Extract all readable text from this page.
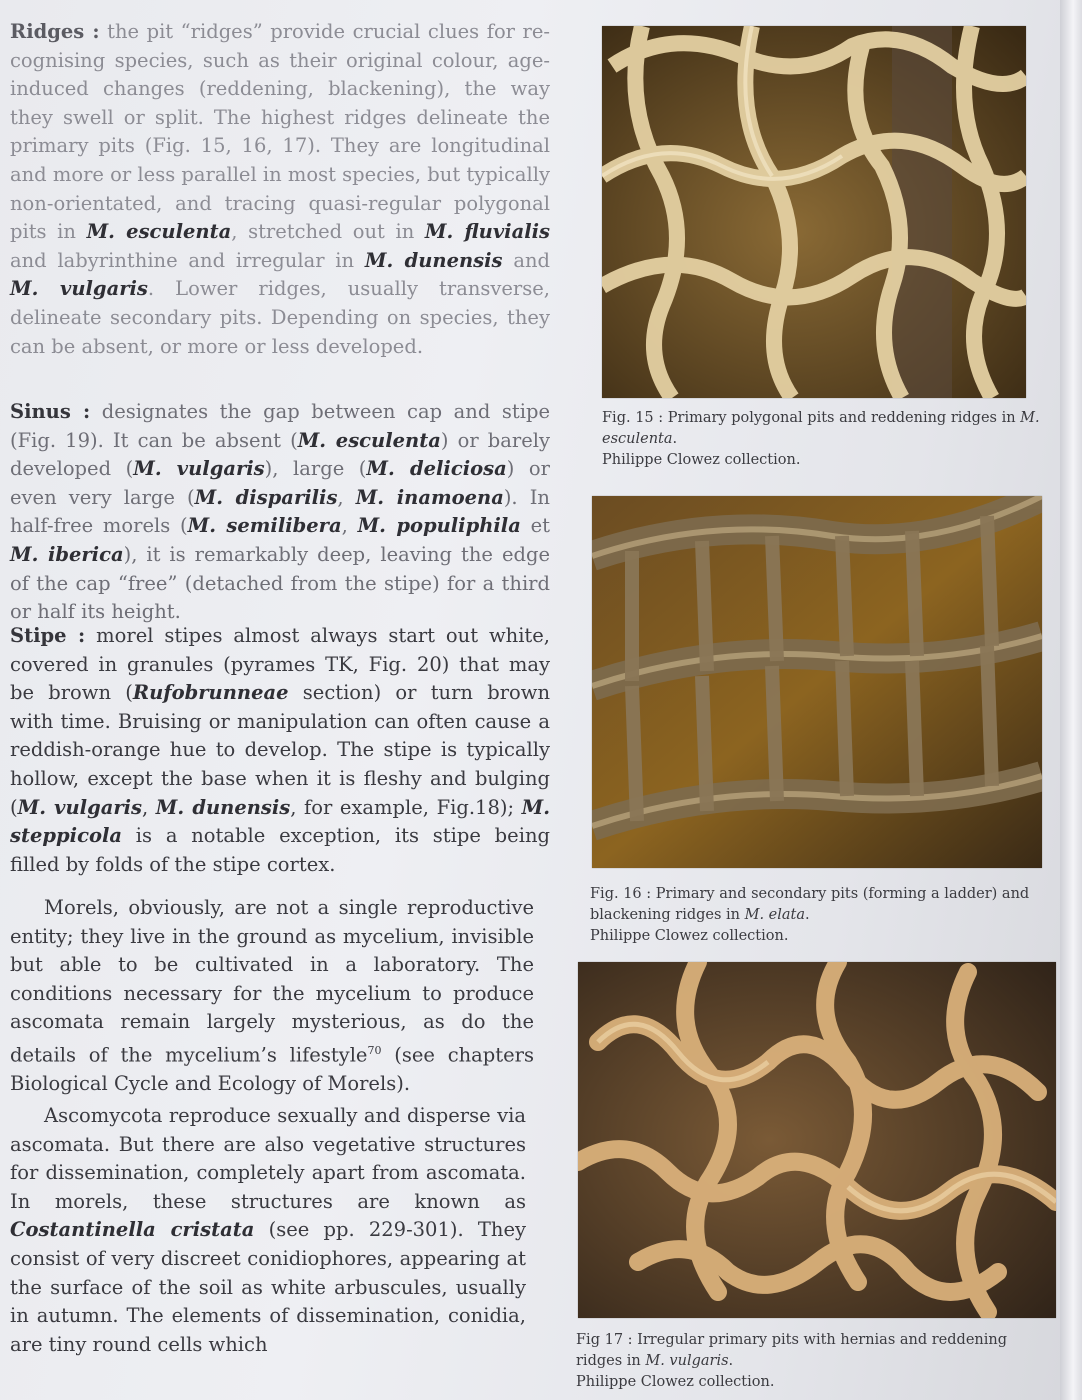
Ridges : the pit “ridges” provide crucial clues for re-cognising species, such as their original colour, age-induced changes (reddening, blackening), the way they swell or split. The highest ridges delineate the primary pits (Fig. 15, 16, 17). They are longitudinal and more or less parallel in most species, but typically non-orientated, and tracing quasi-regular polygonal pits in M. esculenta, stretched out in M. fluvialis and labyrinthine and irregular in M. dunensis and M. vulgaris. Lower ridges, usually transverse, delineate secondary pits. Depending on species, they can be absent, or more or less developed.

Sinus : designates the gap between cap and stipe (Fig. 19). It can be absent (M. esculenta) or barely developed (M. vulgaris), large (M. deliciosa) or even very large (M. disparilis, M. inamoena). In half-free morels (M. semilibera, M. populiphila et M. iberica), it is remarkably deep, leaving the edge of the cap “free” (detached from the stipe) for a third or half its height.

Stipe : morel stipes almost always start out white, covered in granules (pyrames TK, Fig. 20) that may be brown (Rufobrunneae section) or turn brown with time. Bruising or manipulation can often cause a reddish-orange hue to develop. The stipe is typically hollow, except the base when it is fleshy and bulging (M. vulgaris, M. dunensis, for example, Fig.18); M. steppicola is a notable exception, its stipe being filled by folds of the stipe cortex.

Morels, obviously, are not a single reproductive entity; they live in the ground as mycelium, invisible but able to be cultivated in a laboratory. The conditions necessary for the mycelium to produce ascomata remain largely mysterious, as do the details of the mycelium’s lifestyle$^{70}$ (see chapters Biological Cycle and Ecology of Morels).

Ascomycota reproduce sexually and disperse via ascomata. But there are also vegetative structures for dissemination, completely apart from ascomata. In morels, these structures are known as Costantinella cristata (see pp. 229-301). They consist of very discreet conidiophores, appearing at the surface of the soil as white arbuscules, usually in autumn. The elements of dissemination, conidia, are tiny round cells which

Fig. 15 : Primary polygonal pits and reddening ridges in M. esculenta.
Philippe Clowez collection.
Fig. 16 : Primary and secondary pits (forming a ladder) and blackening ridges in M. elata.
Philippe Clowez collection.
Fig 17 : Irregular primary pits with hernias and reddening ridges in M. vulgaris.
Philippe Clowez collection.
